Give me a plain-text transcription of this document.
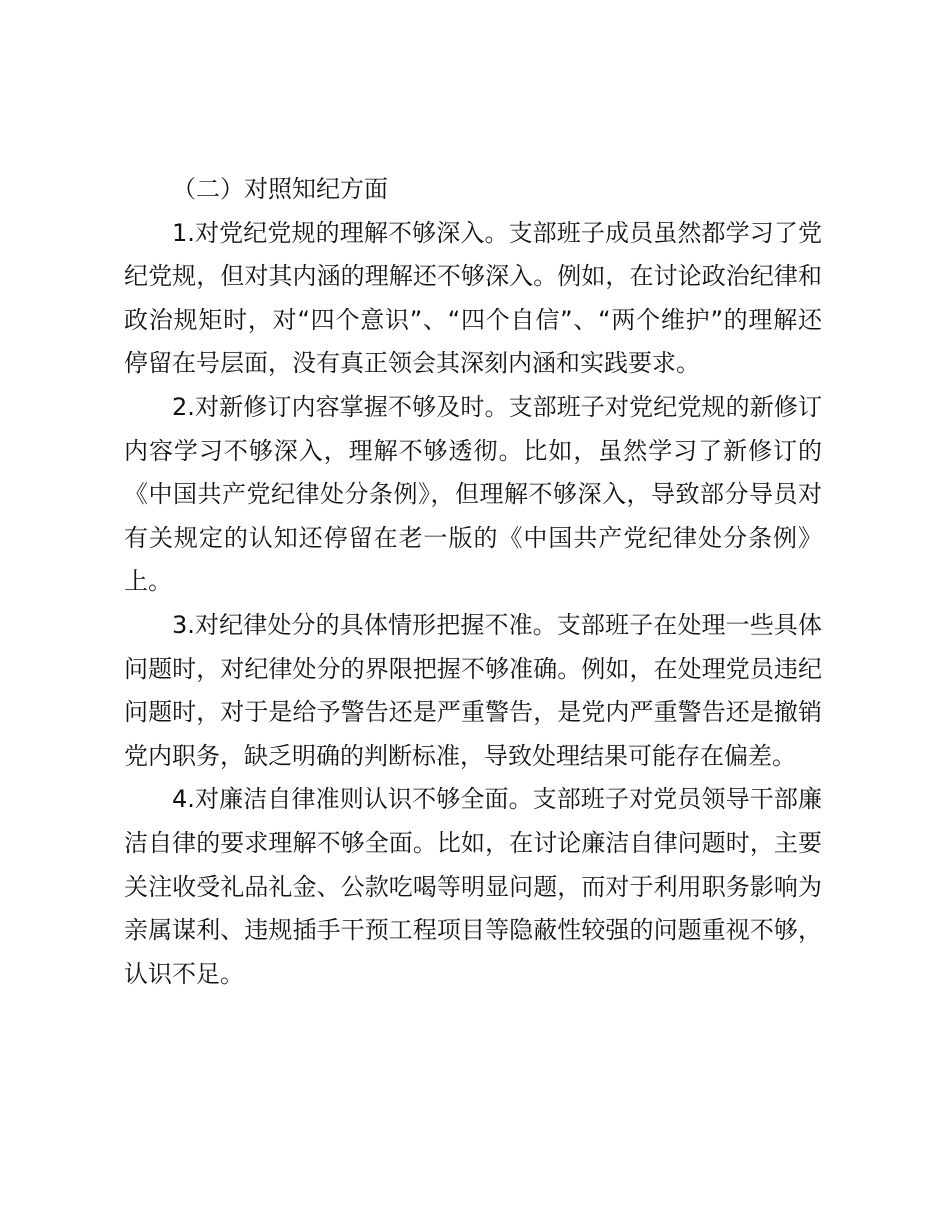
（二）对照知纪方面

1.对党纪党规的理解不够深入。支部班子成员虽然都学习了党纪党规，但对其内涵的理解还不够深入。例如，在讨论政治纪律和政治规矩时，对“四个意识”、“四个自信”、“两个维护”的理解还停留在号层面，没有真正领会其深刻内涵和实践要求。

2.对新修订内容掌握不够及时。支部班子对党纪党规的新修订内容学习不够深入，理解不够透彻。比如，虽然学习了新修订的《中国共产党纪律处分条例》，但理解不够深入，导致部分导员对有关规定的认知还停留在老一版的《中国共产党纪律处分条例》上。

3.对纪律处分的具体情形把握不准。支部班子在处理一些具体问题时，对纪律处分的界限把握不够准确。例如，在处理党员违纪问题时，对于是给予警告还是严重警告，是党内严重警告还是撤销党内职务，缺乏明确的判断标准，导致处理结果可能存在偏差。

4.对廉洁自律准则认识不够全面。支部班子对党员领导干部廉洁自律的要求理解不够全面。比如，在讨论廉洁自律问题时，主要关注收受礼品礼金、公款吃喝等明显问题，而对于利用职务影响为亲属谋利、违规插手干预工程项目等隐蔽性较强的问题重视不够，认识不足。
